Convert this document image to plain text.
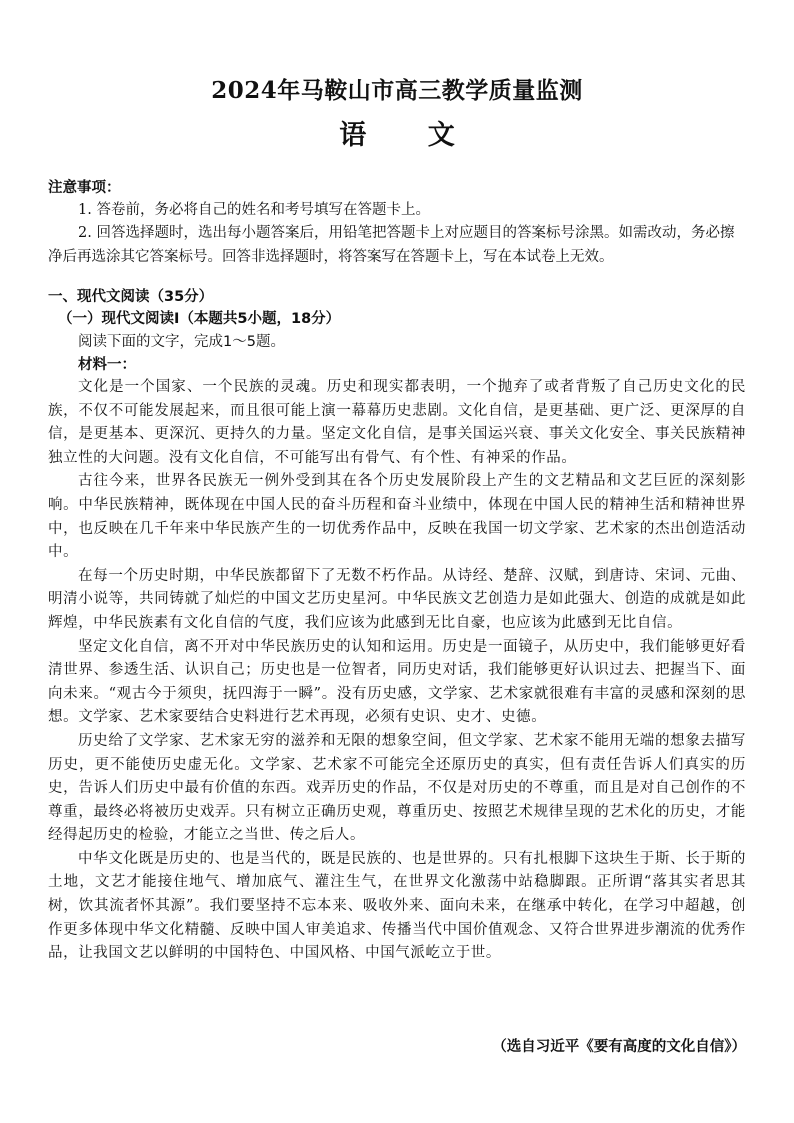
2024年马鞍山市高三教学质量监测
语 文
注意事项：
1. 答卷前，务必将自己的姓名和考号填写在答题卡上。
2. 回答选择题时，选出每小题答案后，用铅笔把答题卡上对应题目的答案标号涂黑。如需改动，务必擦净后再选涂其它答案标号。回答非选择题时，将答案写在答题卡上，写在本试卷上无效。
一、现代文阅读（35分）
（一）现代文阅读Ⅰ（本题共5小题，18分）
阅读下面的文字，完成1～5题。
材料一：

文化是一个国家、一个民族的灵魂。历史和现实都表明，一个抛弃了或者背叛了自己历史文化的民族，不仅不可能发展起来，而且很可能上演一幕幕历史悲剧。文化自信，是更基础、更广泛、更深厚的自信，是更基本、更深沉、更持久的力量。坚定文化自信，是事关国运兴衰、事关文化安全、事关民族精神独立性的大问题。没有文化自信，不可能写出有骨气、有个性、有神采的作品。

古往今来，世界各民族无一例外受到其在各个历史发展阶段上产生的文艺精品和文艺巨匠的深刻影响。中华民族精神，既体现在中国人民的奋斗历程和奋斗业绩中，体现在中国人民的精神生活和精神世界中，也反映在几千年来中华民族产生的一切优秀作品中，反映在我国一切文学家、艺术家的杰出创造活动中。

在每一个历史时期，中华民族都留下了无数不朽作品。从诗经、楚辞、汉赋，到唐诗、宋词、元曲、明清小说等，共同铸就了灿烂的中国文艺历史星河。中华民族文艺创造力是如此强大、创造的成就是如此辉煌，中华民族素有文化自信的气度，我们应该为此感到无比自豪，也应该为此感到无比自信。

坚定文化自信，离不开对中华民族历史的认知和运用。历史是一面镜子，从历史中，我们能够更好看清世界、参透生活、认识自己；历史也是一位智者，同历史对话，我们能够更好认识过去、把握当下、面向未来。“观古今于须臾，抚四海于一瞬”。没有历史感，文学家、艺术家就很难有丰富的灵感和深刻的思想。文学家、艺术家要结合史料进行艺术再现，必须有史识、史才、史德。

历史给了文学家、艺术家无穷的滋养和无限的想象空间，但文学家、艺术家不能用无端的想象去描写历史，更不能使历史虚无化。文学家、艺术家不可能完全还原历史的真实，但有责任告诉人们真实的历史，告诉人们历史中最有价值的东西。戏弄历史的作品，不仅是对历史的不尊重，而且是对自己创作的不尊重，最终必将被历史戏弄。只有树立正确历史观，尊重历史、按照艺术规律呈现的艺术化的历史，才能经得起历史的检验，才能立之当世、传之后人。

中华文化既是历史的、也是当代的，既是民族的、也是世界的。只有扎根脚下这块生于斯、长于斯的土地，文艺才能接住地气、增加底气、灌注生气，在世界文化激荡中站稳脚跟。正所谓“落其实者思其树，饮其流者怀其源”。我们要坚持不忘本来、吸收外来、面向未来，在继承中转化，在学习中超越，创作更多体现中华文化精髓、反映中国人审美追求、传播当代中国价值观念、又符合世界进步潮流的优秀作品，让我国文艺以鲜明的中国特色、中国风格、中国气派屹立于世。

（选自习近平《要有高度的文化自信》）
